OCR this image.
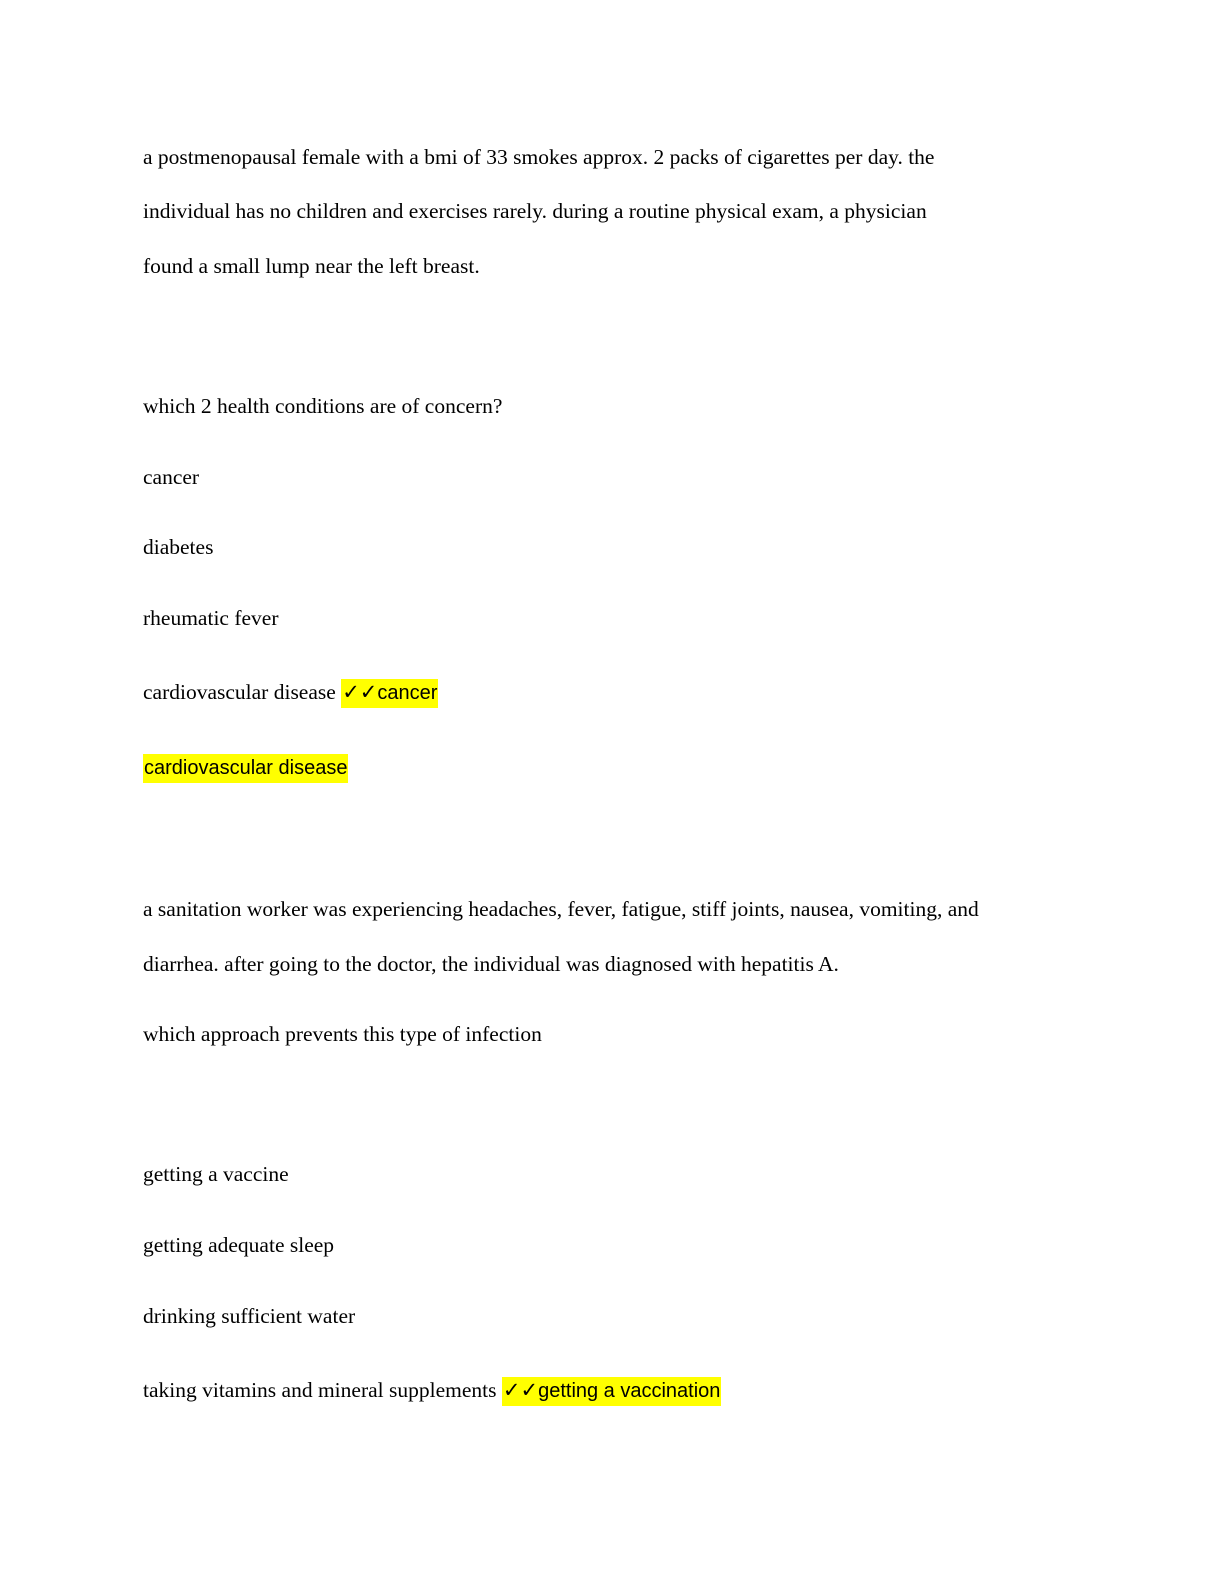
a postmenopausal female with a bmi of 33 smokes approx. 2 packs of cigarettes per day. the
individual has no children and exercises rarely. during a routine physical exam, a physician
found a small lump near the left breast.
which 2 health conditions are of concern?
cancer
diabetes
rheumatic fever
cardiovascular disease ✓✓cancer
cardiovascular disease
a sanitation worker was experiencing headaches, fever, fatigue, stiff joints, nausea, vomiting, and
diarrhea. after going to the doctor, the individual was diagnosed with hepatitis A.
which approach prevents this type of infection
getting a vaccine
getting adequate sleep
drinking sufficient water
taking vitamins and mineral supplements ✓✓getting a vaccination
